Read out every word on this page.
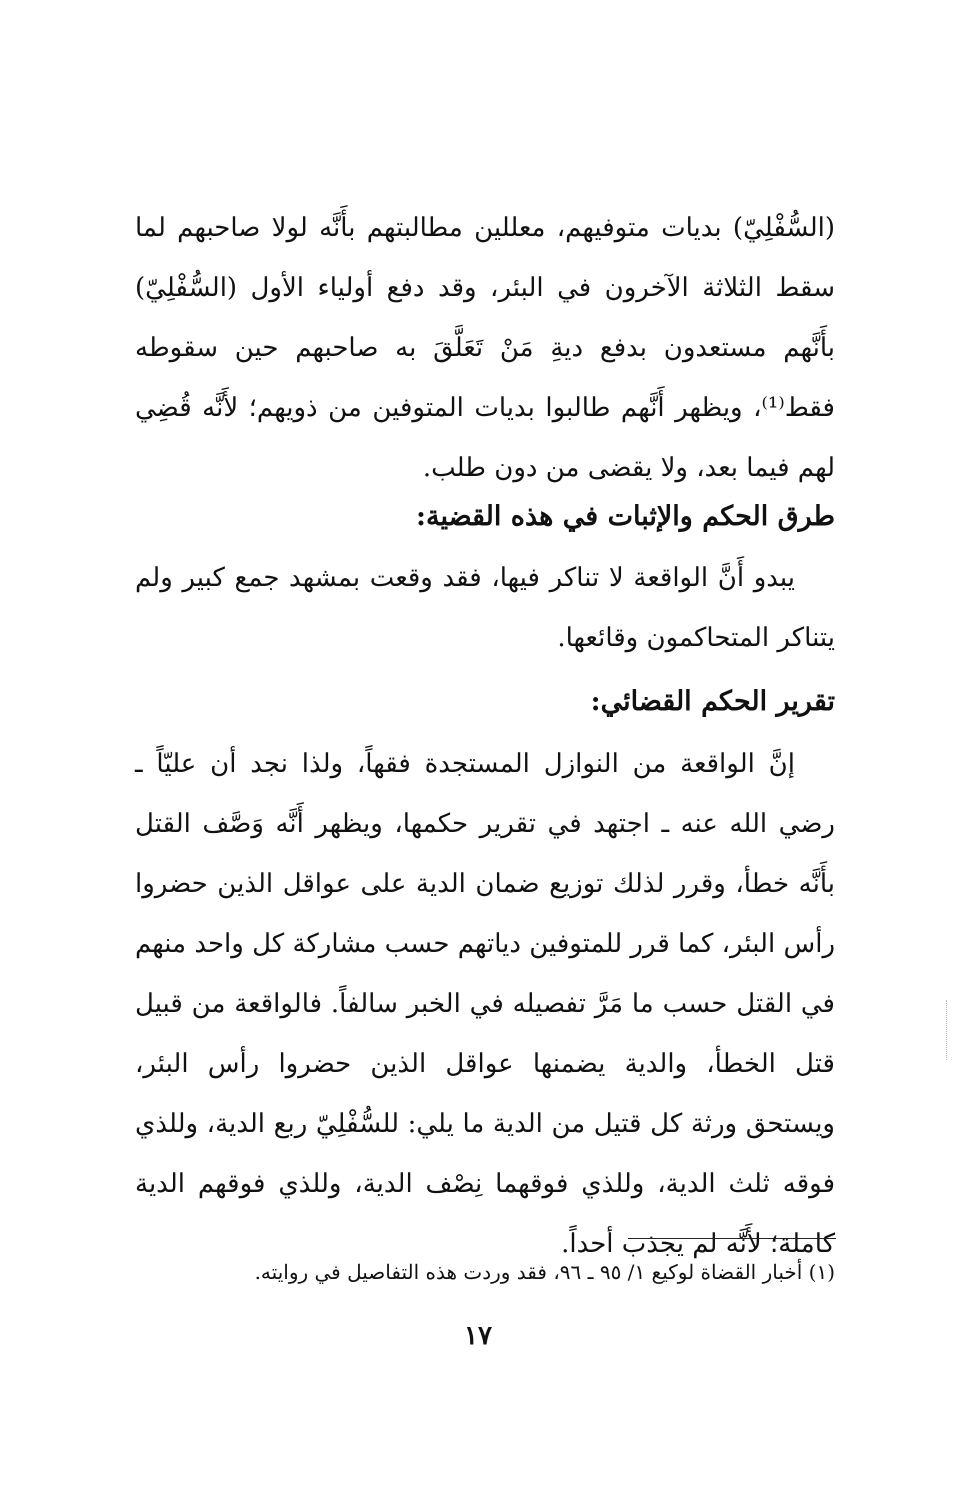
(السُّفْلِيّ) بديات متوفيهم، معللين مطالبتهم بأَنَّه لولا صاحبهم لما سقط الثلاثة الآخرون في البئر، وقد دفع أولياء الأول (السُّفْلِيّ) بأَنَّهم مستعدون بدفع ديةِ مَنْ تَعَلَّقَ به صاحبهم حين سقوطه فقط⁽¹⁾، ويظهر أَنَّهم طالبوا بديات المتوفين من ذويهم؛ لأَنَّه قُضِي لهم فيما بعد، ولا يقضى من دون طلب.

طرق الحكم والإثبات في هذه القضية:

يبدو أَنَّ الواقعة لا تناكر فيها، فقد وقعت بمشهد جمع كبير ولم يتناكر المتحاكمون وقائعها.

تقرير الحكم القضائي:

إنَّ الواقعة من النوازل المستجدة فقهاً، ولذا نجد أن عليّاً ـ رضي الله عنه ـ اجتهد في تقرير حكمها، ويظهر أَنَّه وَصَّف القتل بأَنَّه خطأ، وقرر لذلك توزيع ضمان الدية على عواقل الذين حضروا رأس البئر، كما قرر للمتوفين دياتهم حسب مشاركة كل واحد منهم في القتل حسب ما مَرَّ تفصيله في الخبر سالفاً. فالواقعة من قبيل قتل الخطأ، والدية يضمنها عواقل الذين حضروا رأس البئر، ويستحق ورثة كل قتيل من الدية ما يلي: للسُّفْلِيّ ربع الدية، وللذي فوقه ثلث الدية، وللذي فوقهما نِصْف الدية، وللذي فوقهم الدية كاملة؛ لأَنَّه لم يجذب أحداً.

(١) أخبار القضاة لوكيع ١/ ٩٥ ـ ٩٦، فقد وردت هذه التفاصيل في روايته.
١٧
